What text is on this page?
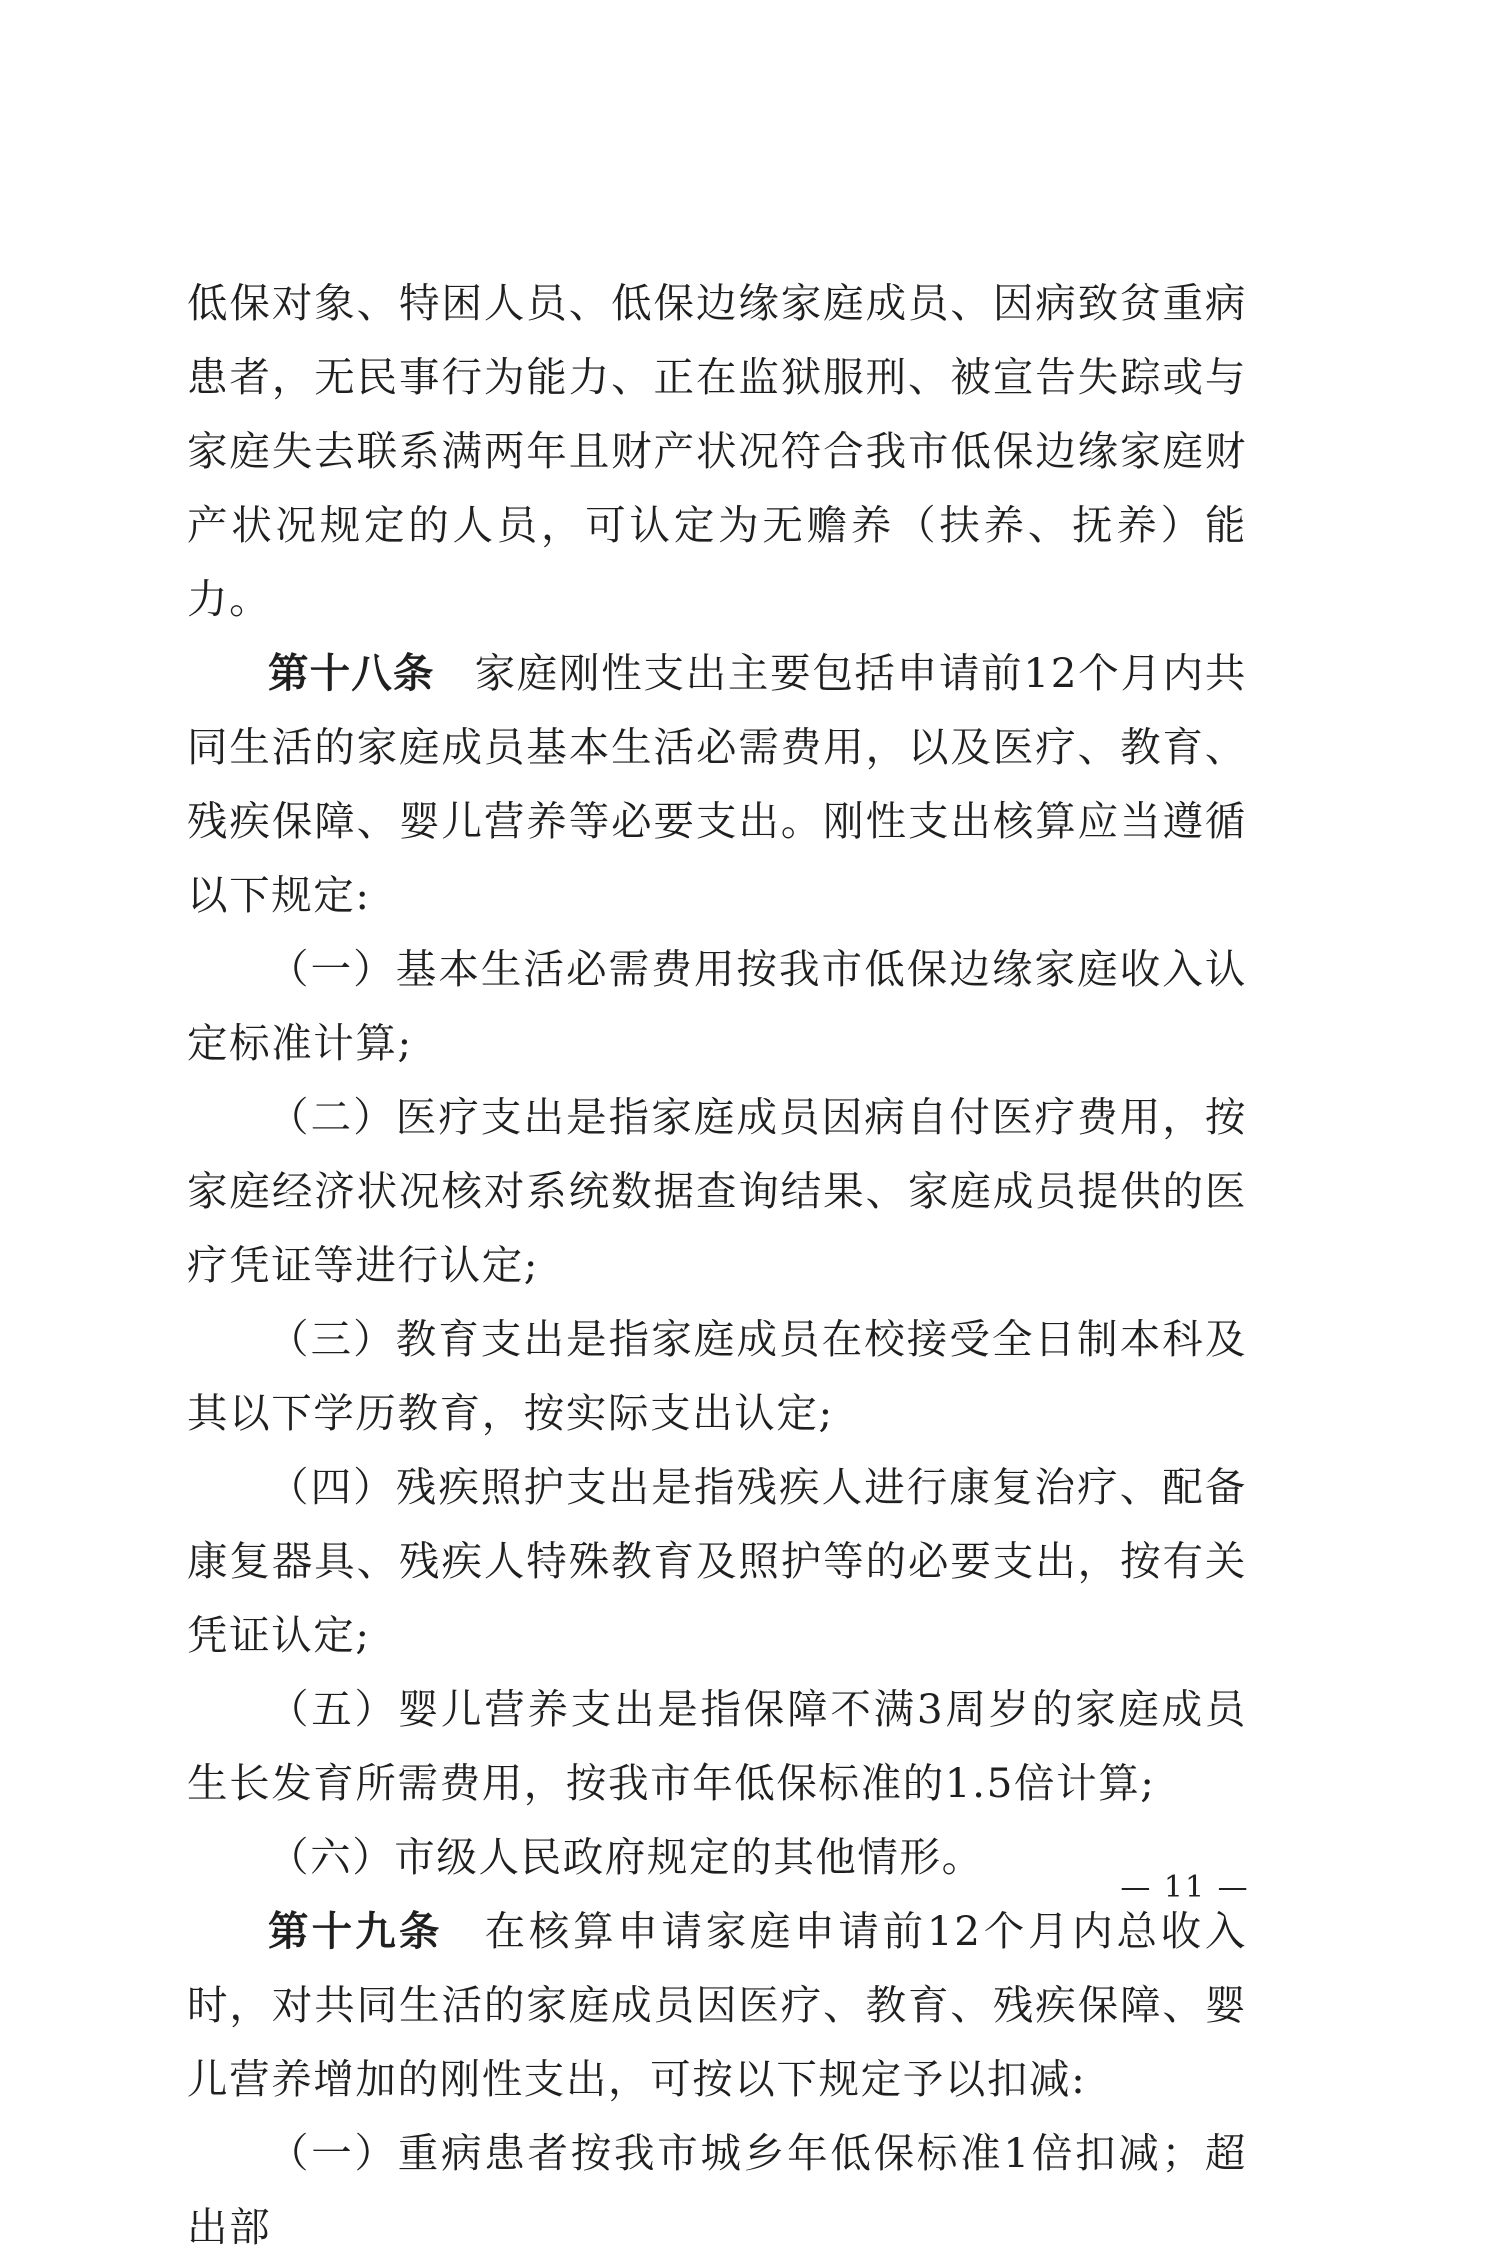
低保对象、特困人员、低保边缘家庭成员、因病致贫重病患者，无民事行为能力、正在监狱服刑、被宣告失踪或与家庭失去联系满两年且财产状况符合我市低保边缘家庭财产状况规定的人员，可认定为无赡养（扶养、抚养）能力。

第十八条 家庭刚性支出主要包括申请前12个月内共同生活的家庭成员基本生活必需费用，以及医疗、教育、残疾保障、婴儿营养等必要支出。刚性支出核算应当遵循以下规定:

（一）基本生活必需费用按我市低保边缘家庭收入认定标准计算;

（二）医疗支出是指家庭成员因病自付医疗费用，按家庭经济状况核对系统数据查询结果、家庭成员提供的医疗凭证等进行认定;

（三）教育支出是指家庭成员在校接受全日制本科及其以下学历教育，按实际支出认定;

（四）残疾照护支出是指残疾人进行康复治疗、配备康复器具、残疾人特殊教育及照护等的必要支出，按有关凭证认定;

（五）婴儿营养支出是指保障不满3周岁的家庭成员生长发育所需费用，按我市年低保标准的1.5倍计算;

（六）市级人民政府规定的其他情形。

第十九条 在核算申请家庭申请前12个月内总收入时，对共同生活的家庭成员因医疗、教育、残疾保障、婴儿营养增加的刚性支出，可按以下规定予以扣减:

（一）重病患者按我市城乡年低保标准1倍扣减；超出部

— 11 —
